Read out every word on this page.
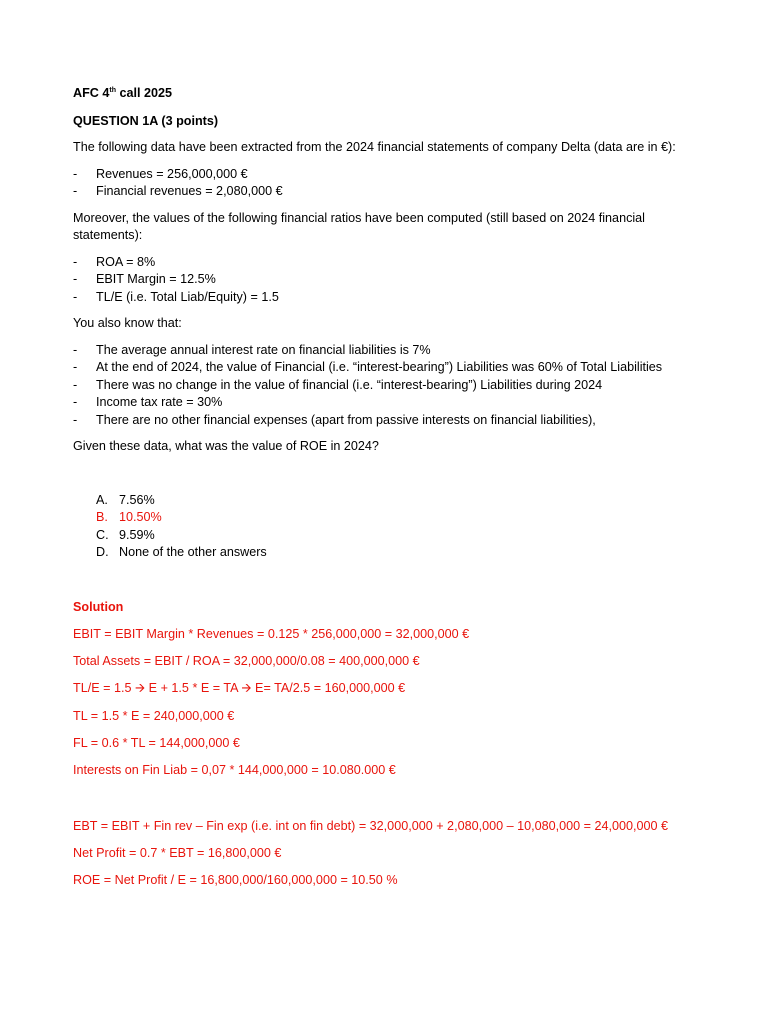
AFC 4th call 2025

QUESTION 1A (3 points)

The following data have been extracted from the 2024 financial statements of company Delta (data are in €):

- Revenues = 256,000,000 €
- Financial revenues = 2,080,000 €

Moreover, the values of the following financial ratios have been computed (still based on 2024 financial statements):

- ROA = 8%
- EBIT Margin = 12.5%
- TL/E (i.e. Total Liab/Equity) = 1.5

You also know that:

- The average annual interest rate on financial liabilities is 7%
- At the end of 2024, the value of Financial (i.e. “interest-bearing”) Liabilities was 60% of Total Liabilities
- There was no change in the value of financial (i.e. “interest-bearing”) Liabilities during 2024
- Income tax rate = 30%
- There are no other financial expenses (apart from passive interests on financial liabilities),

Given these data, what was the value of ROE in 2024?

A. 7.56%
B. 10.50%
C. 9.59%
D. None of the other answers

Solution

EBIT = EBIT Margin * Revenues = 0.125 * 256,000,000 = 32,000,000 €

Total Assets = EBIT / ROA = 32,000,000/0.08 = 400,000,000 €

TL/E = 1.5 🡪 E + 1.5 * E = TA 🡪 E= TA/2.5 = 160,000,000 €

TL = 1.5 * E = 240,000,000 €

FL = 0.6 * TL = 144,000,000 €

Interests on Fin Liab = 0,07 * 144,000,000 = 10.080.000 €

EBT = EBIT + Fin rev – Fin exp (i.e. int on fin debt) = 32,000,000 + 2,080,000 – 10,080,000 = 24,000,000 €

Net Profit = 0.7 * EBT = 16,800,000 €

ROE = Net Profit / E = 16,800,000/160,000,000 = 10.50 %
